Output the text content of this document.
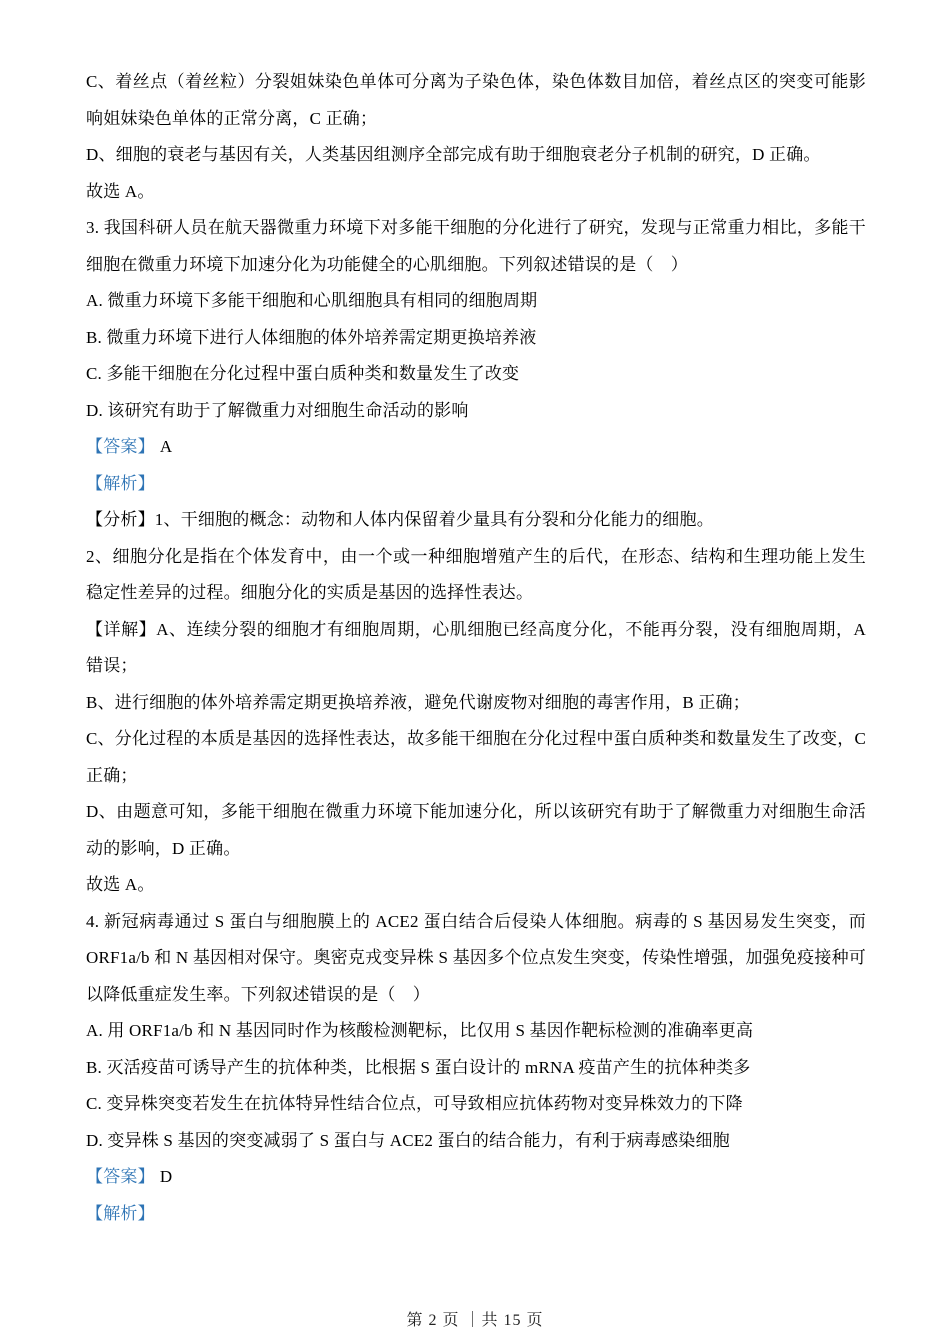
C、着丝点（着丝粒）分裂姐妹染色单体可分离为子染色体，染色体数目加倍，着丝点区的突变可能影响姐妹染色单体的正常分离，C 正确；

D、细胞的衰老与基因有关，人类基因组测序全部完成有助于细胞衰老分子机制的研究，D 正确。

故选 A。

3. 我国科研人员在航天器微重力环境下对多能干细胞的分化进行了研究，发现与正常重力相比，多能干细胞在微重力环境下加速分化为功能健全的心肌细胞。下列叙述错误的是（　）

A. 微重力环境下多能干细胞和心肌细胞具有相同的细胞周期

B. 微重力环境下进行人体细胞的体外培养需定期更换培养液

C. 多能干细胞在分化过程中蛋白质种类和数量发生了改变

D. 该研究有助于了解微重力对细胞生命活动的影响

【答案】 A

【解析】

【分析】1、干细胞的概念：动物和人体内保留着少量具有分裂和分化能力的细胞。

2、细胞分化是指在个体发育中，由一个或一种细胞增殖产生的后代，在形态、结构和生理功能上发生稳定性差异的过程。细胞分化的实质是基因的选择性表达。

【详解】A、连续分裂的细胞才有细胞周期，心肌细胞已经高度分化，不能再分裂，没有细胞周期，A 错误；

B、进行细胞的体外培养需定期更换培养液，避免代谢废物对细胞的毒害作用，B 正确；

C、分化过程的本质是基因的选择性表达，故多能干细胞在分化过程中蛋白质种类和数量发生了改变，C 正确；

D、由题意可知，多能干细胞在微重力环境下能加速分化，所以该研究有助于了解微重力对细胞生命活动的影响，D 正确。

故选 A。

4. 新冠病毒通过 S 蛋白与细胞膜上的 ACE2 蛋白结合后侵染人体细胞。病毒的 S 基因易发生突变，而 ORF1a/b 和 N 基因相对保守。奥密克戎变异株 S 基因多个位点发生突变，传染性增强，加强免疫接种可以降低重症发生率。下列叙述错误的是（　）

A. 用 ORF1a/b 和 N 基因同时作为核酸检测靶标，比仅用 S 基因作靶标检测的准确率更高

B. 灭活疫苗可诱导产生的抗体种类，比根据 S 蛋白设计的 mRNA 疫苗产生的抗体种类多

C. 变异株突变若发生在抗体特异性结合位点，可导致相应抗体药物对变异株效力的下降

D. 变异株 S 基因的突变减弱了 S 蛋白与 ACE2 蛋白的结合能力，有利于病毒感染细胞

【答案】 D

【解析】

第 2 页 ｜共 15 页
